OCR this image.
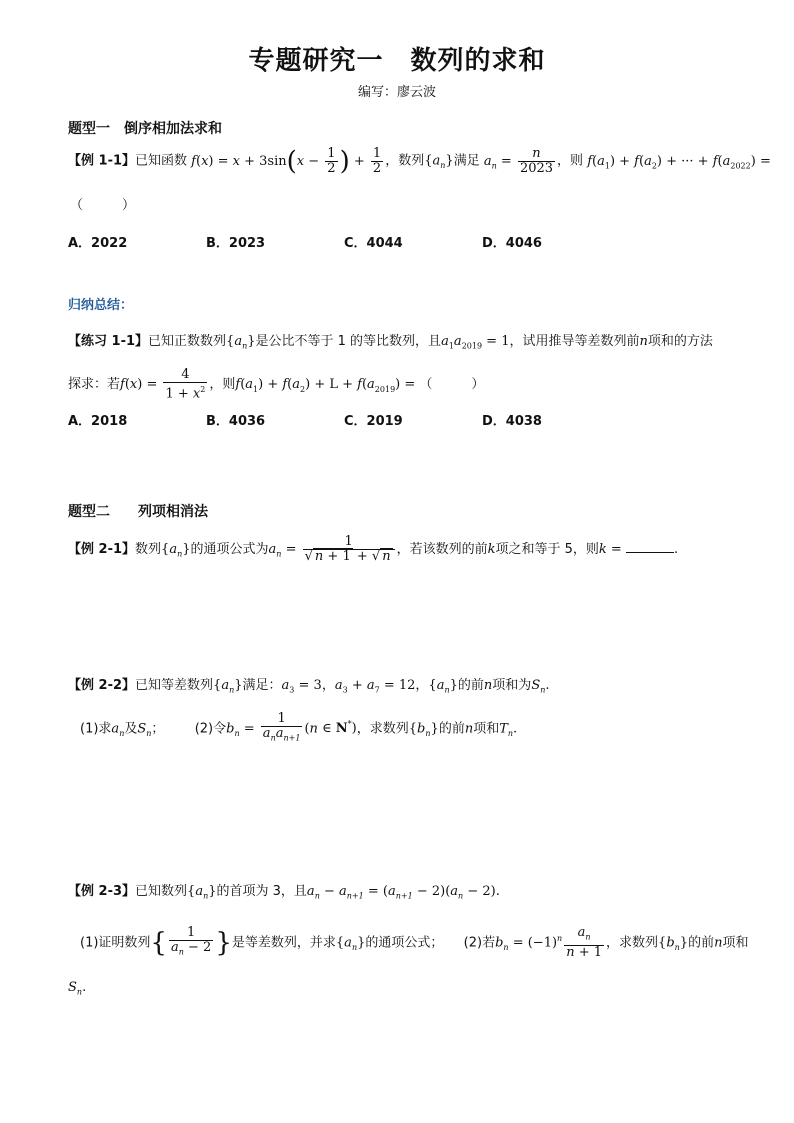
专题研究一　数列的求和
编写：廖云波
题型一　倒序相加法求和
【例 1-1】已知函数 $f(x) = x + 3\sin(x - \frac{1}{2}$ ) + $\frac{1}{2}$ ，数列$\{a_n\}$满足 $a_n = \frac{n}{2023}$ ，则 $f(a_1) + f(a_2)$ + ··· + $f(a_{2022})$ =
（　　　）
A．2022	B．2023	C．4044	D．4046
归纳总结：
【练习 1-1】已知正数数列$\{a_n\}$是公比不等于 1 的等比数列，且$a_1a_{2019} = 1$，试用推导等差数列前n项和的方法
探求：若$f(x) = \frac{4}{1 + x^2}$ ，则$f(a_1) + f(a_2) + L + f(a_{2019})$ = （　　　）
A．2018	B．4036	C．2019	D．4038
题型二　　列项相消法
【例 2-1】数列$\{a_n\}$的通项公式为$a_n = \frac{1}{√ n + 1 + √ n}$ ，若该数列的前k项之和等于 5，则k =	.
【例 2-2】已知等差数列$\{a_n\}$满足：$a_3 = 3$，$a_3 + a_7 = 12$，$\{a_n\}$的前n项和为$S_n$.
(1)求$a_n$及$S_n$； (2)令$b_n = \frac{1}{a_na_{n+1}} (n$ ∈ N*)，求数列$\{b_n\}$的前n项和$T_n$.
【例 2-3】已知数列$\{a_n\}$的首项为 3，且$a_n - a_{n+1} = (a_{n+1} - 2)(a_n - 2)$.
(1)证明数列{ $\frac{1}{a_n - 2}$ }是等差数列，并求$\{a_n\}$的通项公式； (2)若$b_n = (-1)^n \frac{a_n}{n + 1}$ ，求数列$\{b_n\}$的前n项和
$S_n$.
